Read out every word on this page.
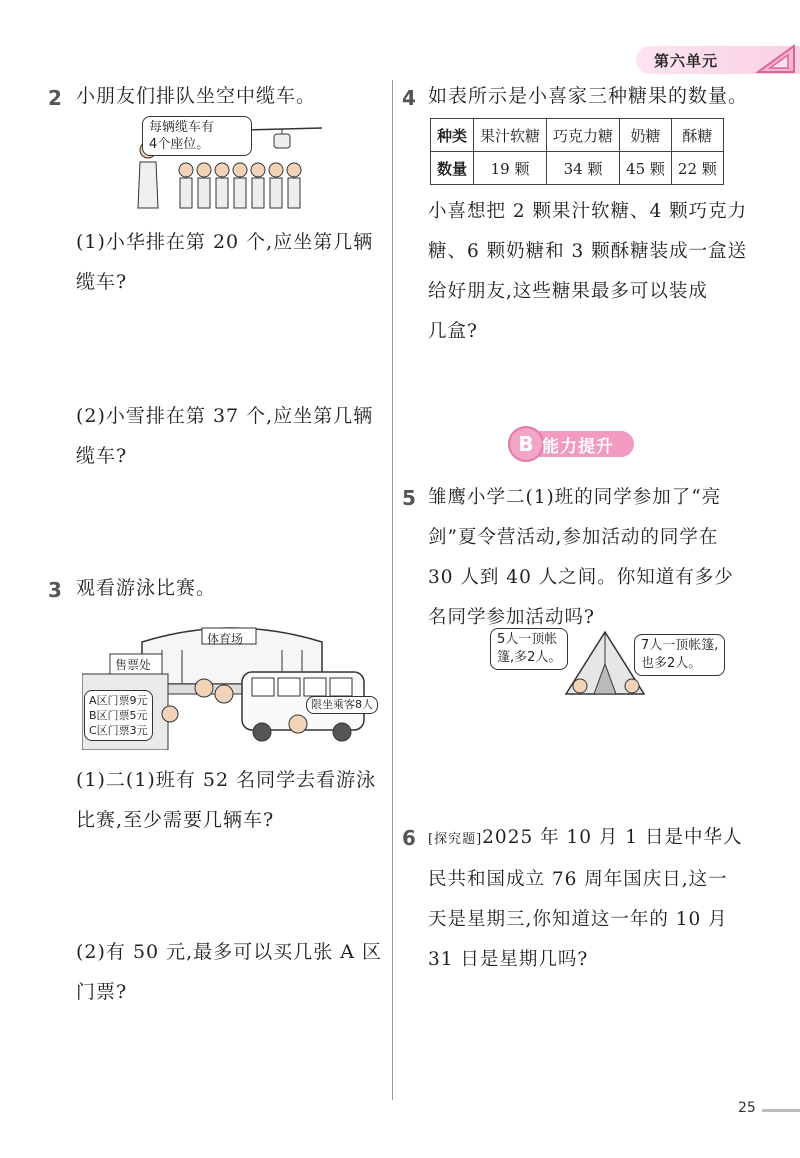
第六单元
2 小朋友们排队坐空中缆车。
每辆缆车有
4个座位。
(1)小华排在第 20 个,应坐第几辆
缆车?
(2)小雪排在第 37 个,应坐第几辆
缆车?
3 观看游泳比赛。
体育场
售票处
A区门票9元
B区门票5元
C区门票3元
限坐乘客8人
(1)二(1)班有 52 名同学去看游泳
比赛,至少需要几辆车?
(2)有 50 元,最多可以买几张 A 区
门票?
4 如表所示是小喜家三种糖果的数量。
种类	果汁软糖	巧克力糖	奶糖	酥糖
数量	19 颗	34 颗	45 颗	22 颗
小喜想把 2 颗果汁软糖、4 颗巧克力
糖、6 颗奶糖和 3 颗酥糖装成一盒送
给好朋友,这些糖果最多可以装成
几盒?
B 能力提升
5 雏鹰小学二(1)班的同学参加了“亮
剑”夏令营活动,参加活动的同学在
30 人到 40 人之间。你知道有多少
名同学参加活动吗?
5人一顶帐
篷,多2人。
7人一顶帐篷,
也多2人。
6 [探究题]2025 年 10 月 1 日是中华人
民共和国成立 76 周年国庆日,这一
天是星期三,你知道这一年的 10 月
31 日是星期几吗?
25
